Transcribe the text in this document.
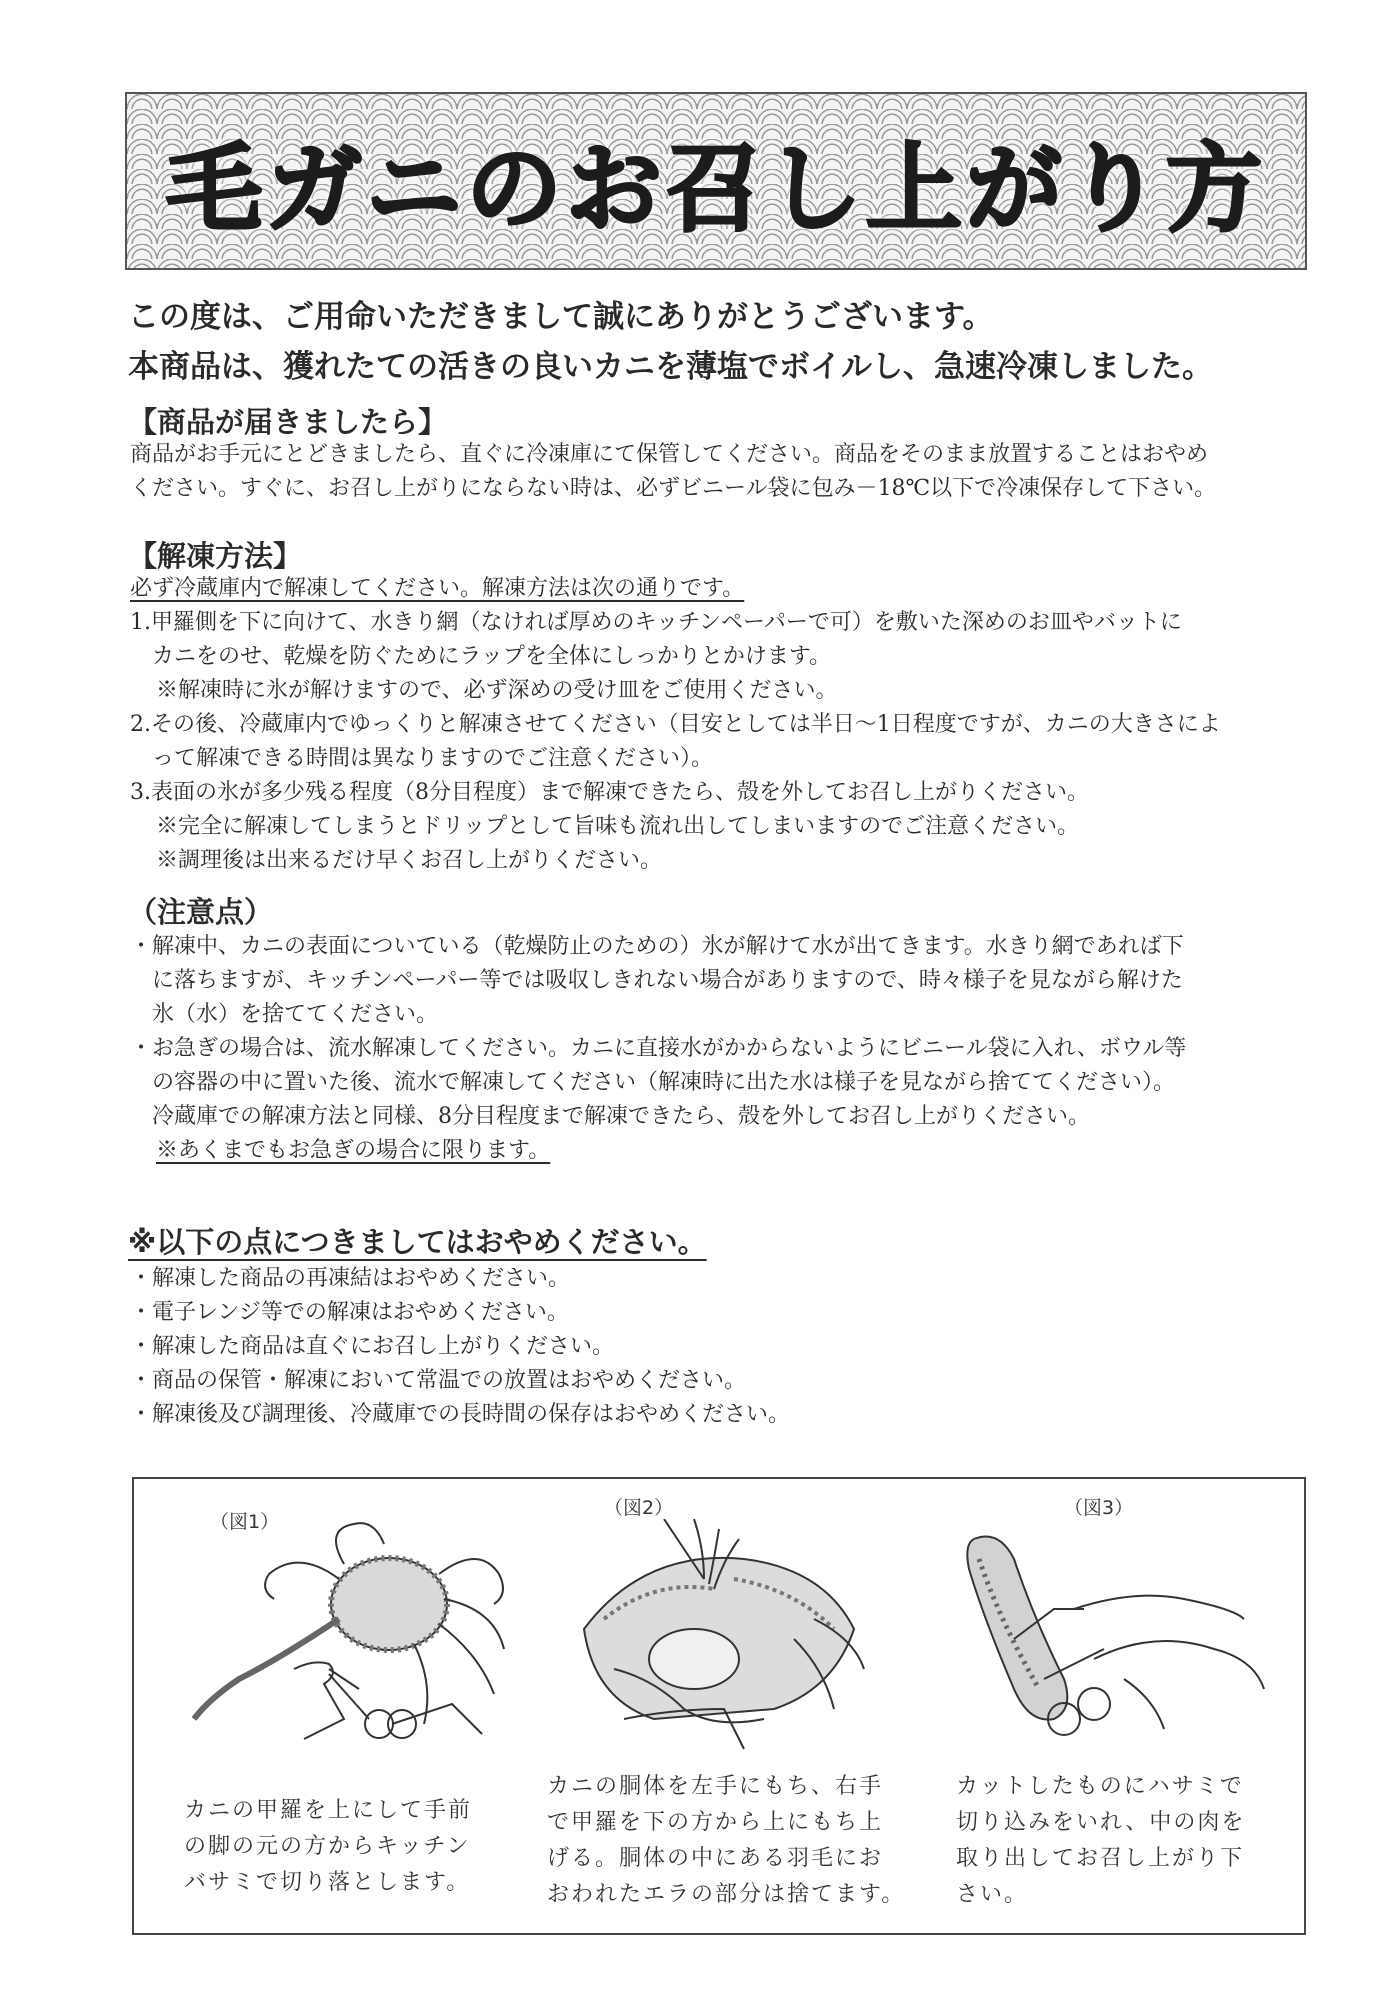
毛ガニのお召し上がり方
この度は、ご用命いただきまして誠にありがとうございます。
本商品は、獲れたての活きの良いカニを薄塩でボイルし、急速冷凍しました。
【商品が届きましたら】
商品がお手元にとどきましたら、直ぐに冷凍庫にて保管してください。商品をそのまま放置することはおやめ
ください。すぐに、お召し上がりにならない時は、必ずビニール袋に包み－18℃以下で冷凍保存して下さい。
【解凍方法】
必ず冷蔵庫内で解凍してください。解凍方法は次の通りです。
1.甲羅側を下に向けて、水きり網（なければ厚めのキッチンペーパーで可）を敷いた深めのお皿やバットに
カニをのせ、乾燥を防ぐためにラップを全体にしっかりとかけます。
※解凍時に氷が解けますので、必ず深めの受け皿をご使用ください。
2.その後、冷蔵庫内でゆっくりと解凍させてください（目安としては半日～1日程度ですが、カニの大きさによ
って解凍できる時間は異なりますのでご注意ください）。
3.表面の氷が多少残る程度（8分目程度）まで解凍できたら、殻を外してお召し上がりください。
※完全に解凍してしまうとドリップとして旨味も流れ出してしまいますのでご注意ください。
※調理後は出来るだけ早くお召し上がりください。
（注意点）
・解凍中、カニの表面についている（乾燥防止のための）氷が解けて水が出てきます。水きり網であれば下
に落ちますが、キッチンペーパー等では吸収しきれない場合がありますので、時々様子を見ながら解けた
氷（水）を捨ててください。
・お急ぎの場合は、流水解凍してください。カニに直接水がかからないようにビニール袋に入れ、ボウル等
の容器の中に置いた後、流水で解凍してください（解凍時に出た水は様子を見ながら捨ててください）。
冷蔵庫での解凍方法と同様、8分目程度まで解凍できたら、殻を外してお召し上がりください。
※あくまでもお急ぎの場合に限ります。
※以下の点につきましてはおやめください。
・解凍した商品の再凍結はおやめください。
・電子レンジ等での解凍はおやめください。
・解凍した商品は直ぐにお召し上がりください。
・商品の保管・解凍において常温での放置はおやめください。
・解凍後及び調理後、冷蔵庫での長時間の保存はおやめください。
（図1）
カニの甲羅を上にして手前
の脚の元の方からキッチン
バサミで切り落とします。
（図2）
カニの胴体を左手にもち、右手
で甲羅を下の方から上にもち上
げる。胴体の中にある羽毛にお
おわれたエラの部分は捨てます。
（図3）
カットしたものにハサミで
切り込みをいれ、中の肉を
取り出してお召し上がり下
さい。
